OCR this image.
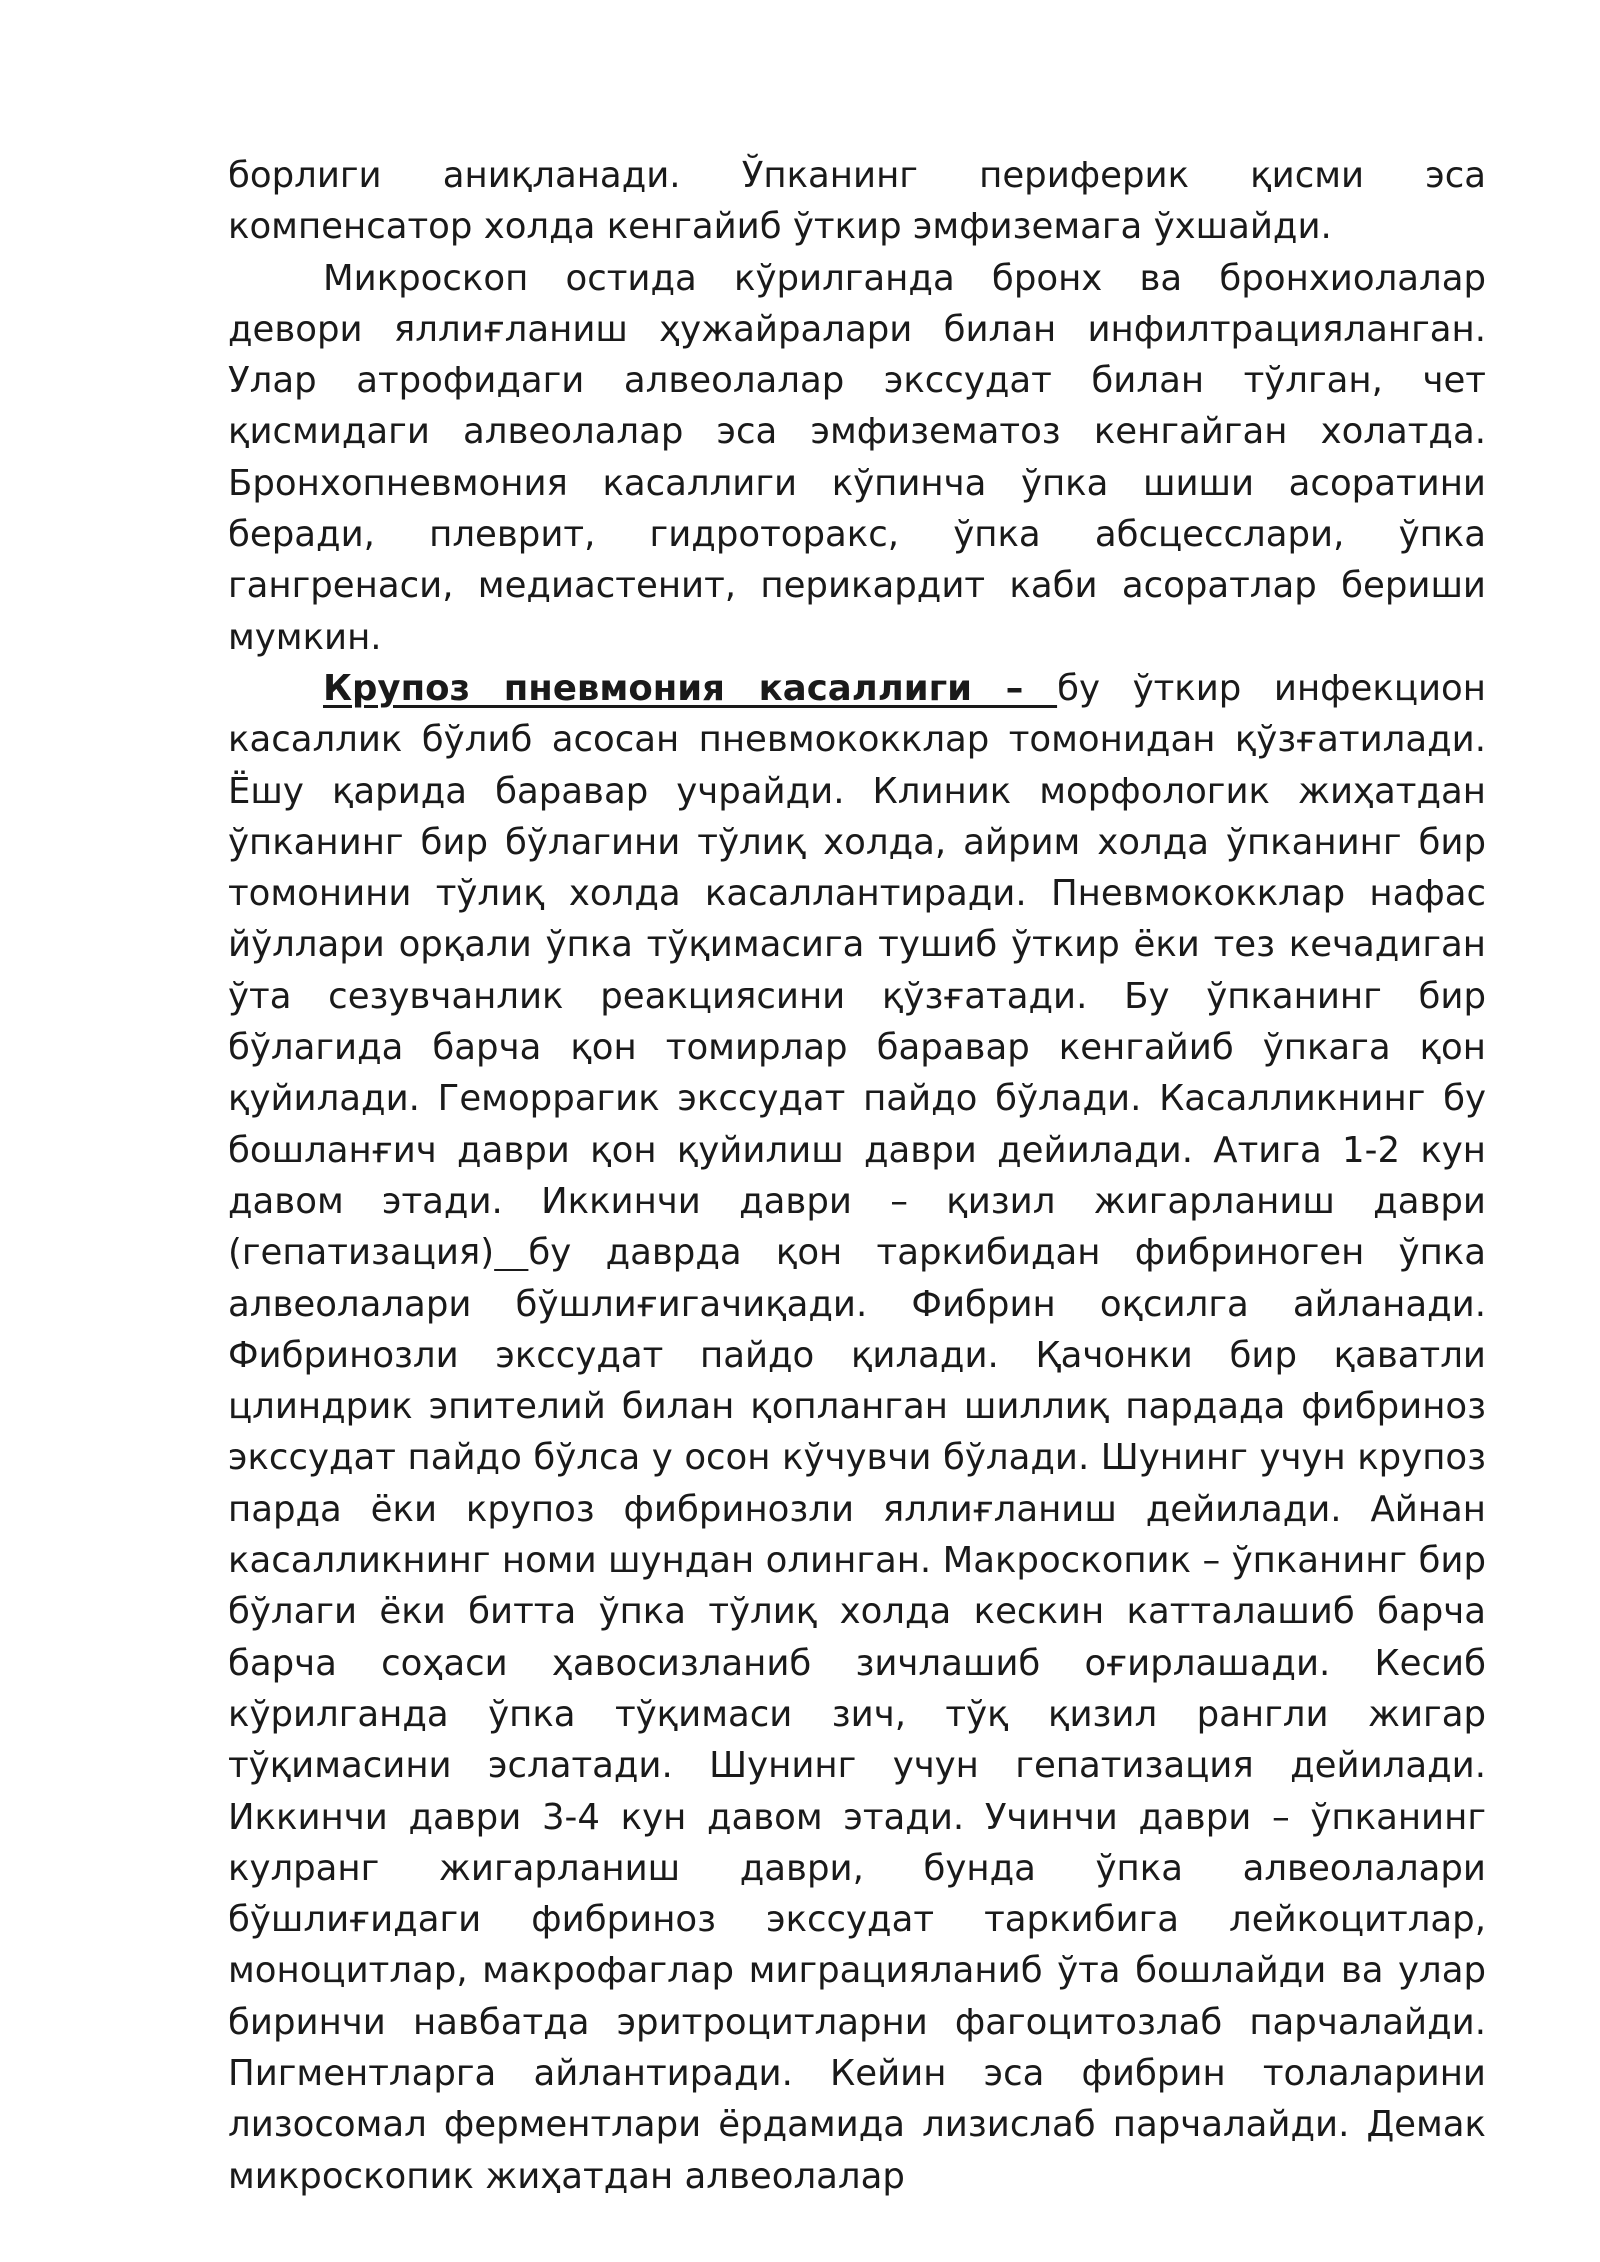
борлиги аниқланади. Ўпканинг периферик қисми эса компенсатор холда кенгайиб ўткир эмфиземага ўхшайди.

Микроскоп остида кўрилганда бронх ва бронхиолалар девори яллиғланиш ҳужайралари билан инфилтрацияланган. Улар атрофидаги алвеолалар экссудат билан тўлган, чет қисмидаги алвеолалар эса эмфизематоз кенгайган холатда. Бронхопневмония касаллиги кўпинча ўпка шиши асоратини беради, плеврит, гидроторакс, ўпка абсцесслари, ўпка гангренаси, медиастенит, перикардит каби асоратлар бериши мумкин.

Крупоз пневмония касаллиги – бу ўткир инфекцион касаллик бўлиб асосан пневмококклар томонидан қўзғатилади. Ёшу қарида баравар учрайди. Клиник морфологик жиҳатдан ўпканинг бир бўлагини тўлиқ холда, айрим холда ўпканинг бир томонини тўлиқ холда касаллантиради. Пневмококклар нафас йўллари орқали ўпка тўқимасига тушиб ўткир ёки тез кечадиган ўта сезувчанлик реакциясини қўзғатади. Бу ўпканинг бир бўлагида барча қон томирлар баравар кенгайиб ўпкага қон қуйилади. Геморрагик экссудат пайдо бўлади. Касалликнинг бу бошланғич даври қон қуйилиш даври дейилади. Атига 1-2 кун давом этади. Иккинчи даври – қизил жигарланиш даври (гепатизация) бу даврда қон таркибидан фибриноген ўпка алвеолалари бўшлиғигачиқади. Фибрин оқсилга айланади. Фибринозли экссудат пайдо қилади. Қачонки бир қаватли цлиндрик эпителий билан қопланган шиллиқ пардада фибриноз экссудат пайдо бўлса у осон кўчувчи бўлади. Шунинг учун крупоз парда ёки крупоз фибринозли яллиғланиш дейилади. Айнан касалликнинг номи шундан олинган. Макроскопик – ўпканинг бир бўлаги ёки битта ўпка тўлиқ холда кескин катталашиб барча барча соҳаси ҳавосизланиб зичлашиб оғирлашади. Кесиб кўрилганда ўпка тўқимаси зич, тўқ қизил рангли жигар тўқимасини эслатади. Шунинг учун гепатизация дейилади. Иккинчи даври 3-4 кун давом этади. Учинчи даври – ўпканинг кулранг жигарланиш даври, бунда ўпка алвеолалари бўшлиғидаги фибриноз экссудат таркибига лейкоцитлар, моноцитлар, макрофаглар миграцияланиб ўта бошлайди ва улар биринчи навбатда эритроцитларни фагоцитозлаб парчалайди. Пигментларга айлантиради. Кейин эса фибрин толаларини лизосомал ферментлари ёрдамида лизислаб парчалайди. Демак микроскопик жиҳатдан алвеолалар
